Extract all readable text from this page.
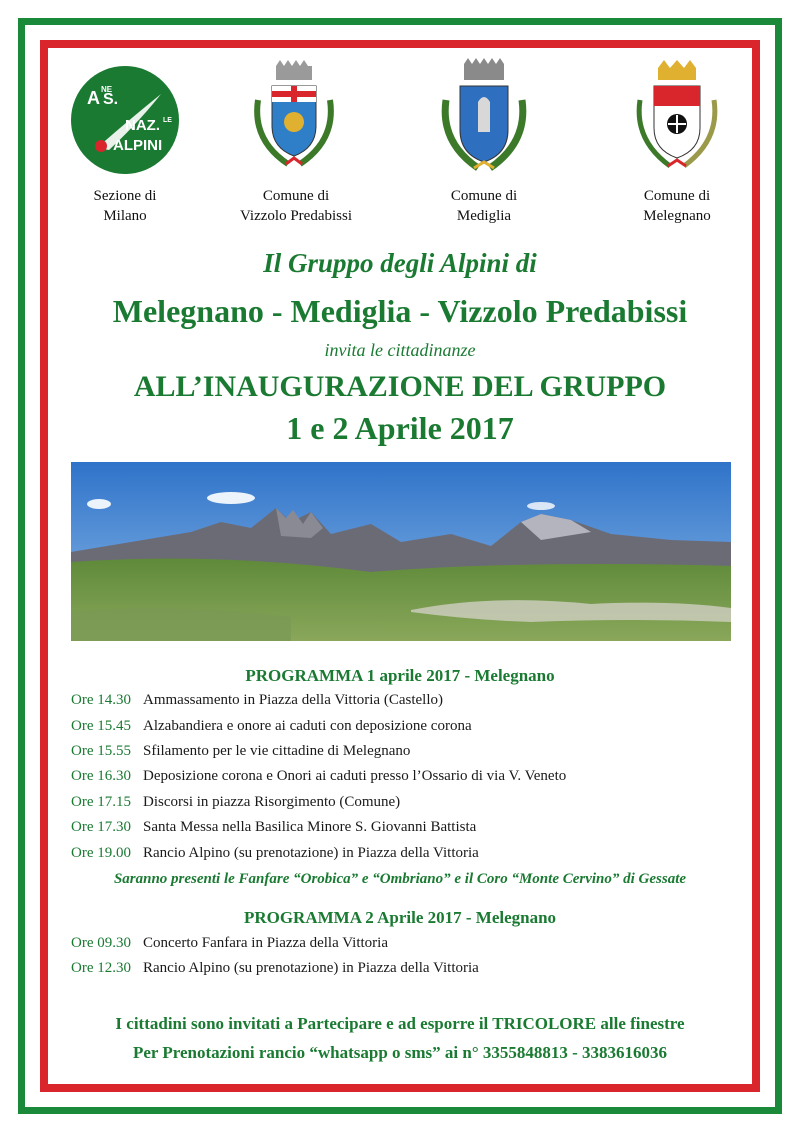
A NE
S.
NAZ. LE
ALPINI
Sezione di
Milano
Comune di
Vizzolo Predabissi
Comune di
Mediglia
Comune di
Melegnano
Il Gruppo degli Alpini di
Melegnano - Mediglia - Vizzolo Predabissi
invita le cittadinanze
ALL’INAUGURAZIONE DEL GRUPPO
1 e 2 Aprile 2017
PROGRAMMA 1 aprile 2017 - Melegnano
Ore 14.30 Ammassamento in Piazza della Vittoria (Castello)
Ore 15.45 Alzabandiera e onore ai caduti con deposizione corona
Ore 15.55 Sfilamento per le vie cittadine di Melegnano
Ore 16.30 Deposizione corona e Onori ai caduti presso l’Ossario di via V. Veneto
Ore 17.15 Discorsi in piazza Risorgimento (Comune)
Ore 17.30 Santa Messa nella Basilica Minore S. Giovanni Battista
Ore 19.00 Rancio Alpino (su prenotazione) in Piazza della Vittoria
Saranno presenti le Fanfare “Orobica” e “Ombriano” e il Coro “Monte Cervino” di Gessate
PROGRAMMA 2 Aprile 2017 - Melegnano
Ore 09.30 Concerto Fanfara in Piazza della Vittoria
Ore 12.30 Rancio Alpino (su prenotazione) in Piazza della Vittoria
I cittadini sono invitati a Partecipare e ad esporre il TRICOLORE alle finestre
Per Prenotazioni rancio “whatsapp o sms” ai n° 3355848813 - 3383616036
